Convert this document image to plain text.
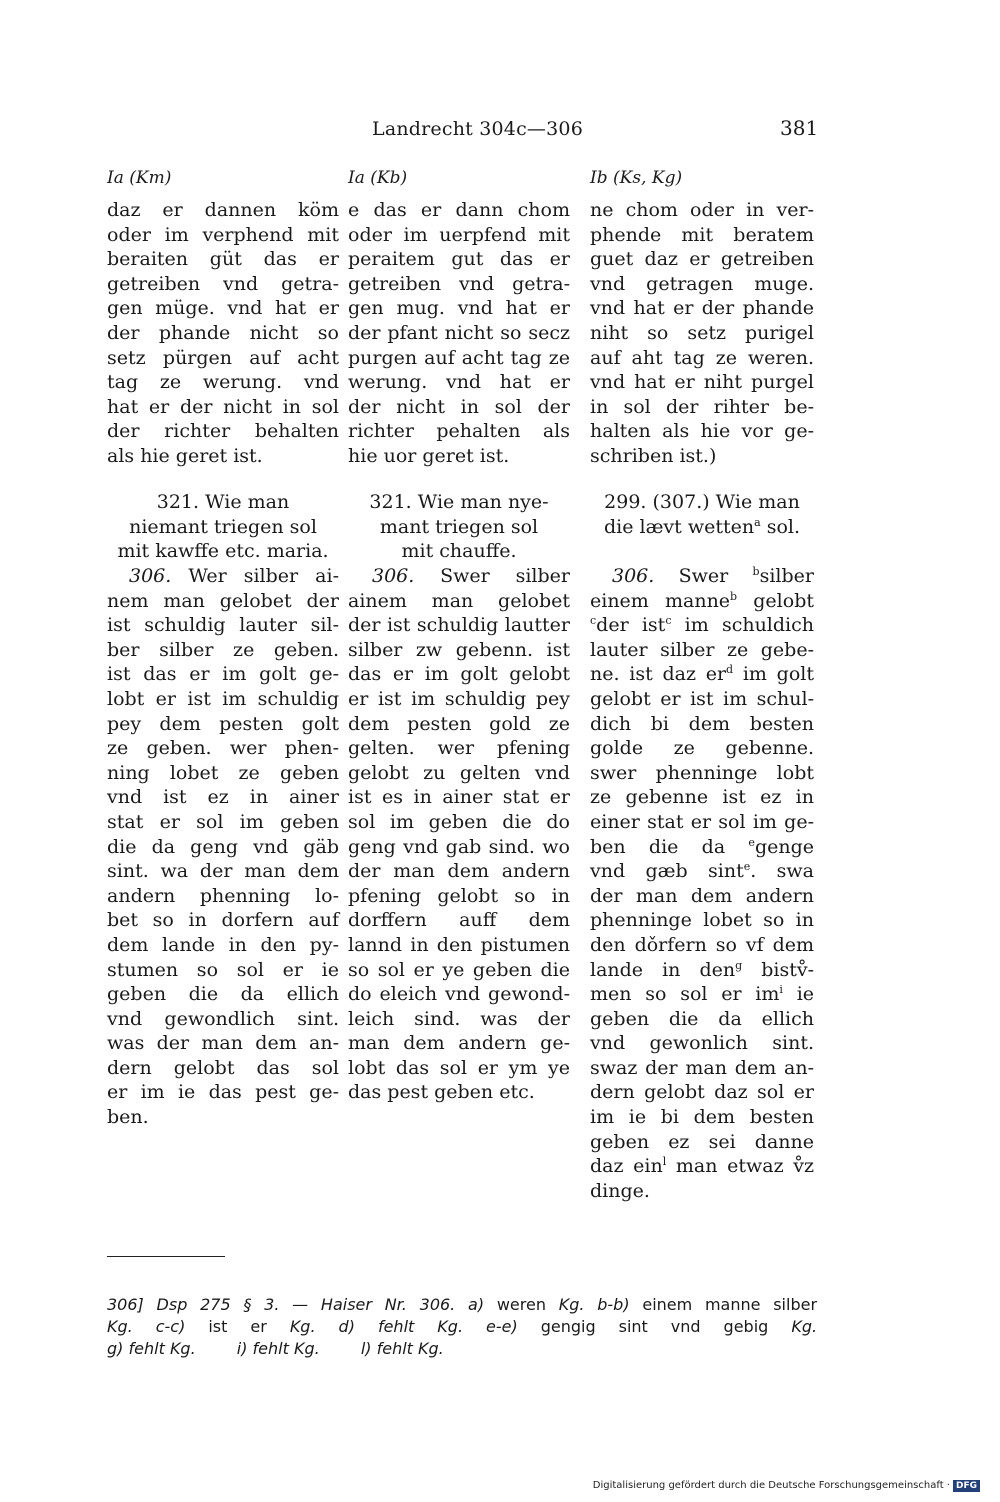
Landrecht 304c—306	381
Ia (Km)
daz er dannen köm
oder im verphend mit
beraiten güt das er
getreiben vnd getra-
gen müge. vnd hat er
der phande nicht so
setz pürgen auf acht
tag ze werung. vnd
hat er der nicht in sol
der richter behalten
als hie geret ist.
321. Wie man
niemant triegen sol
mit kawffe etc. maria.
306. Wer silber ai-
nem man gelobet der
ist schuldig lauter sil-
ber silber ze geben.
ist das er im golt ge-
lobt er ist im schuldig
pey dem pesten golt
ze geben. wer phen-
ning lobet ze geben
vnd ist ez in ainer
stat er sol im geben
die da geng vnd gäb
sint. wa der man dem
andern phenning lo-
bet so in dorfern auf
dem lande in den py-
stumen so sol er ie
geben die da ellich
vnd gewondlich sint.
was der man dem an-
dern gelobt das sol
er im ie das pest ge-
ben.
Ia (Kb)
e das er dann chom
oder im uerpfend mit
peraitem gut das er
getreiben vnd getra-
gen mug. vnd hat er
der pfant nicht so secz
purgen auf acht tag ze
werung. vnd hat er
der nicht in sol der
richter pehalten als
hie uor geret ist.
321. Wie man nye-
mant triegen sol
mit chauffe.
306. Swer silber
ainem man gelobet
der ist schuldig lautter
silber zw gebenn. ist
das er im golt gelobt
er ist im schuldig pey
dem pesten gold ze
gelten. wer pfening
gelobt zu gelten vnd
ist es in ainer stat er
sol im geben die do
geng vnd gab sind. wo
der man dem andern
pfening gelobt so in
dorffern auff dem
lannd in den pistumen
so sol er ye geben die
do eleich vnd gewond-
leich sind. was der
man dem andern ge-
lobt das sol er ym ye
das pest geben etc.
Ib (Ks, Kg)
ne chom oder in ver-
phende mit beratem
guet daz er getreiben
vnd getragen muge.
vnd hat er der phande
niht so setz purigel
auf aht tag ze weren.
vnd hat er niht purgel
in sol der rihter be-
halten als hie vor ge-
schriben ist.)
299. (307.) Wie man
die lævt wetten$^a$ sol.
306. Swer $^b$silber
einem manne$^b$ gelobt
$^c$der ist$^c$ im schuldich
lauter silber ze gebe-
ne. ist daz $er^d$ im golt
gelobt er ist im schul-
dich bi dem besten
golde ze gebenne.
swer phenninge lobt
ze gebenne ist ez in
einer stat er sol im ge-
ben die da $^e$genge
vnd gæb sint$^e$. swa
der man dem andern
phenninge lobet so in
den dǒrfern so vf dem
lande in den$^g$ bistv̊-
men so sol er $im^i$ ie
geben die da ellich
vnd gewonlich sint.
swaz der man dem an-
dern gelobt daz sol er
im ie bi dem besten
geben ez sei danne
daz ein$^l$ man etwaz v̊z
dinge.
306] Dsp 275 § 3. — Haiser Nr. 306. a) weren Kg. b-b) einem manne silber
Kg. c-c) ist er Kg. d) fehlt Kg. e-e) gengig sint vnd gebig Kg.
g) fehlt Kg.	i) fehlt Kg.	l) fehlt Kg.
Digitalisierung gefördert durch die Deutsche Forschungsgemeinschaft · DFG
